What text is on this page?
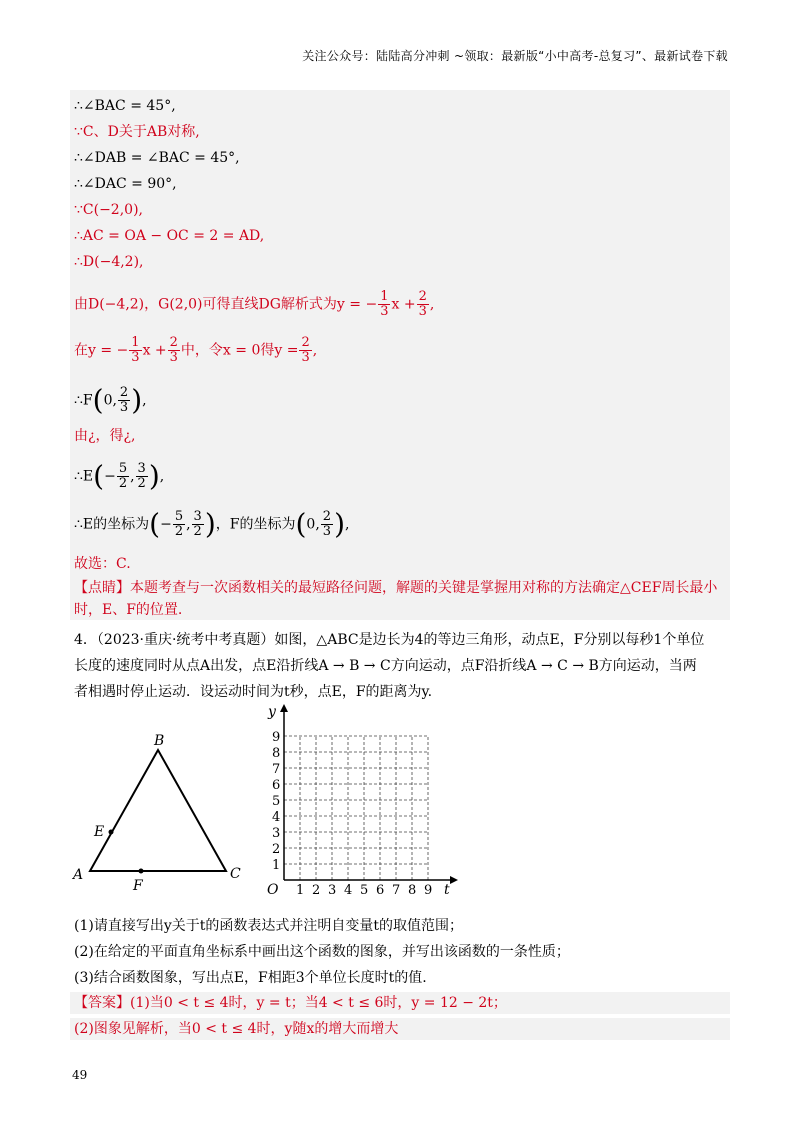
关注公众号：陆陆高分冲刺 ~领取：最新版“小中高考-总复习”、最新试卷下载
∴∠BAC = 45°,
∵C、D关于AB对称,
∴∠DAB = ∠BAC = 45°,
∴∠DAC = 90°,
∵C(−2,0),
∴AC = OA − OC = 2 = AD,
∴D(−4,2),
由D(−4,2)，G(2,0)可得直线DG解析式为y = − $\frac{1}{3}$ $x + \frac{2}{3}$ ,
在y = − $\frac{1}{3}$ $x + \frac{2}{3}$ 中，令x = 0得$y = \frac{2}{3}$ ,
∴F(0, $\frac{2}{3}$ ),
由¿，得¿,
∴E(− $\frac{5}{2}$ , $\frac{3}{2}$ ),
∴E的坐标为(− $\frac{5}{2}$ , $\frac{3}{2}$ )，F的坐标为(0, $\frac{2}{3}$ ),
故选：C.
【点睛】本题考查与一次函数相关的最短路径问题，解题的关键是掌握用对称的方法确定△CEF周长最小
时，E、F的位置.
4．（2023·重庆·统考中考真题）如图，△ABC是边长为4的等边三角形，动点E，F分别以每秒1个单位
长度的速度同时从点A出发，点E沿折线A → B → C方向运动，点F沿折线A → C → B方向运动，当两
者相遇时停止运动．设运动时间为t秒，点E，F的距离为y.
A
B
C
E
F
y
t
O 1
1
2
2
3
3
4
4
5
5
6
6
7
7
8
8
9
9
(1)请直接写出y关于t的函数表达式并注明自变量t的取值范围；
(2)在给定的平面直角坐标系中画出这个函数的图象，并写出该函数的一条性质；
(3)结合函数图象，写出点E，F相距3个单位长度时t的值.
【答案】(1)当0 < t ≤ 4时，y = t；当4 < t ≤ 6时，y = 12 − 2t；
(2)图象见解析，当0 < t ≤ 4时，y随x的增大而增大
49
